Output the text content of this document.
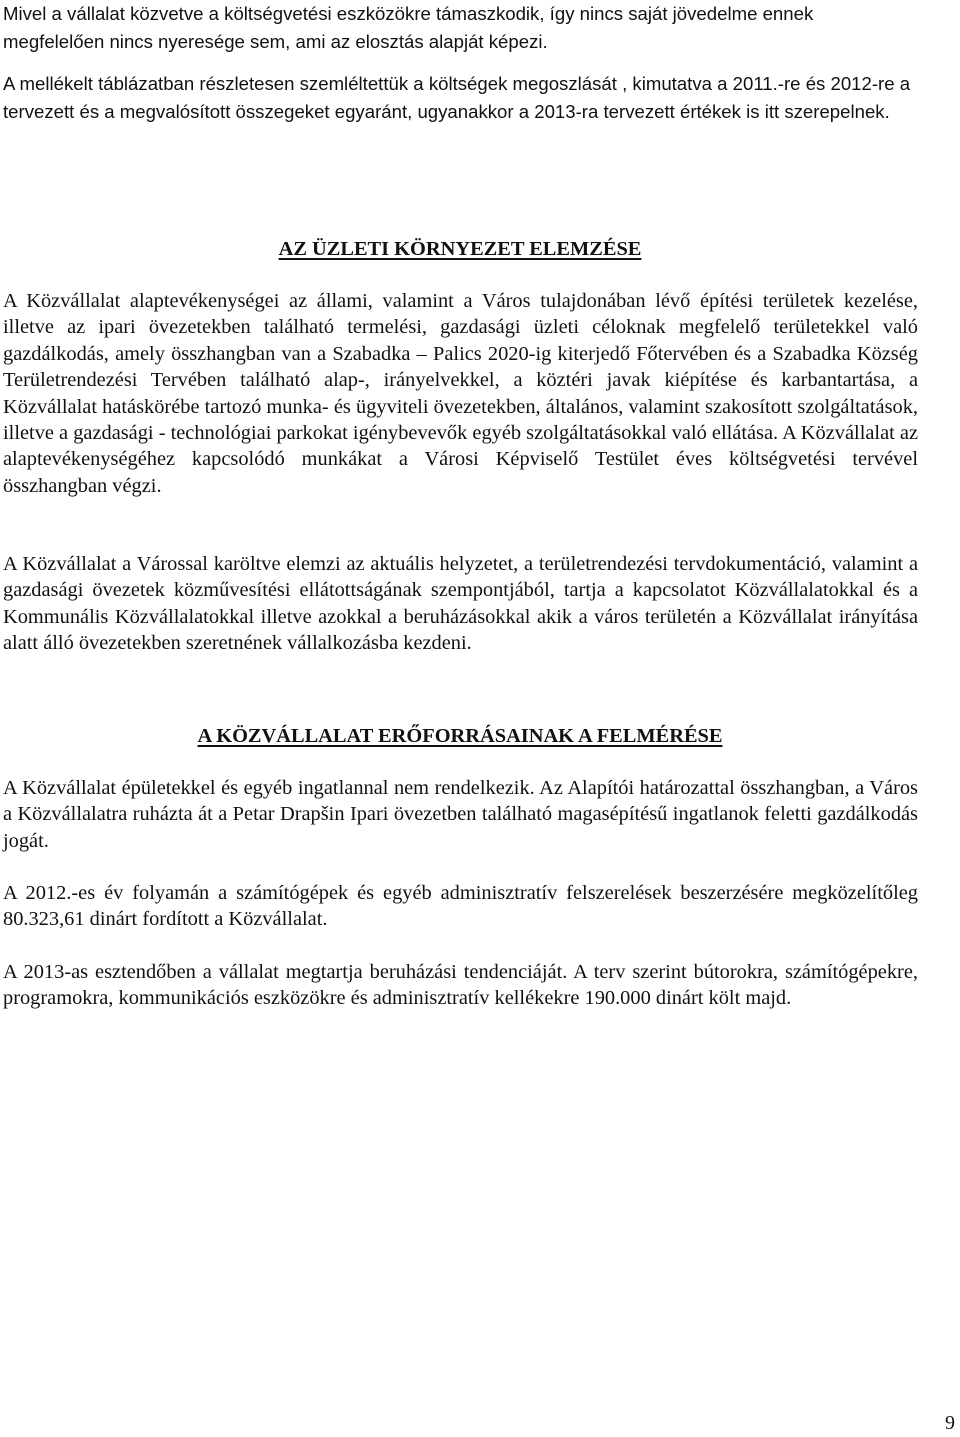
Mivel a vállalat közvetve a költségvetési eszközökre támaszkodik, így nincs saját jövedelme ennek megfelelően nincs nyeresége sem, ami az elosztás alapját képezi.

A mellékelt táblázatban részletesen szemléltettük a költségek megoszlását , kimutatva a 2011.-re és 2012-re a tervezett és a megvalósított összegeket egyaránt, ugyanakkor a 2013-ra tervezett értékek is itt szerepelnek.

AZ ÜZLETI KÖRNYEZET ELEMZÉSE

A Közvállalat alaptevékenységei az állami, valamint a Város tulajdonában lévő építési területek kezelése, illetve az ipari övezetekben található termelési, gazdasági üzleti céloknak megfelelő területekkel való gazdálkodás, amely összhangban van a Szabadka – Palics 2020-ig kiterjedő Főtervében és a Szabadka Község Területrendezési Tervében található alap-, irányelvekkel, a köztéri javak kiépítése és karbantartása, a Közvállalat hatáskörébe tartozó munka- és ügyviteli övezetekben, általános, valamint szakosított szolgáltatások, illetve a gazdasági - technológiai parkokat igénybevevők egyéb szolgáltatásokkal való ellátása. A Közvállalat az alaptevékenységéhez kapcsolódó munkákat a Városi Képviselő Testület éves költségvetési tervével összhangban végzi.

A Közvállalat a Várossal karöltve elemzi az aktuális helyzetet, a területrendezési tervdokumentáció, valamint a gazdasági övezetek közművesítési ellátottságának szempontjából, tartja a kapcsolatot Közvállalatokkal és a Kommunális Közvállalatokkal illetve azokkal a beruházásokkal akik a város területén a Közvállalat irányítása alatt álló övezetekben szeretnének vállalkozásba kezdeni.

A KÖZVÁLLALAT ERŐFORRÁSAINAK A FELMÉRÉSE

A Közvállalat épületekkel és egyéb ingatlannal nem rendelkezik. Az Alapítói határozattal összhangban, a Város a Közvállalatra ruházta át a Petar Drapšin Ipari övezetben található magasépítésű ingatlanok feletti gazdálkodás jogát.

A 2012.-es év folyamán a számítógépek és egyéb adminisztratív felszerelések beszerzésére megközelítőleg 80.323,61 dinárt fordított a Közvállalat.

A 2013-as esztendőben a vállalat megtartja beruházási tendenciáját. A terv szerint bútorokra, számítógépekre, programokra, kommunikációs eszközökre és adminisztratív kellékekre 190.000 dinárt költ majd.

9
